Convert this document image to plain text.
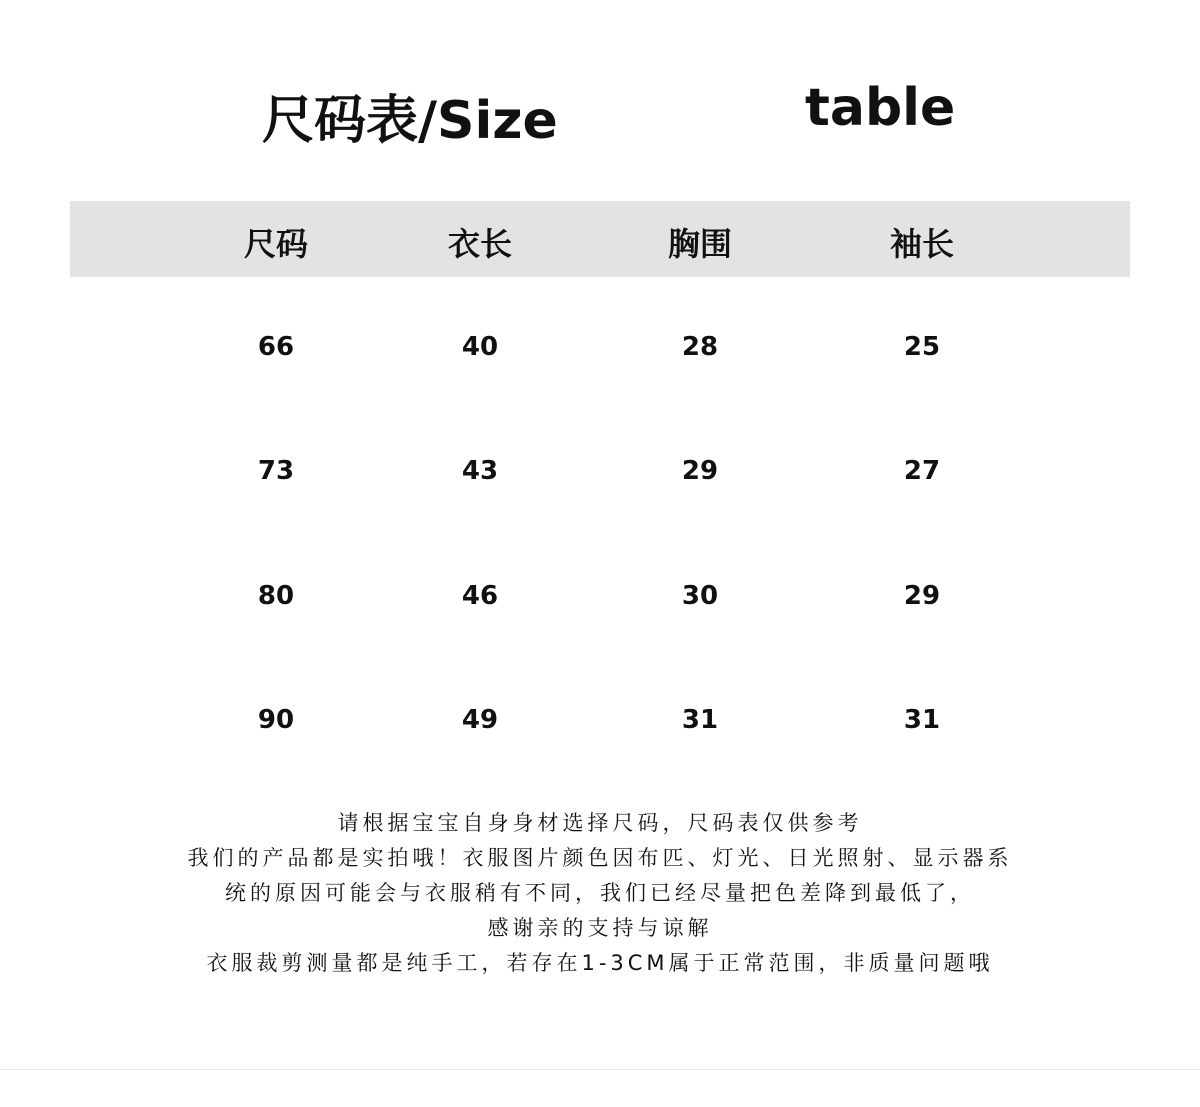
尺码表/Size	table
尺码	衣长	胸围	袖长
66	40	28	25
73	43	29	27
80	46	30	29
90	49	31	31
请根据宝宝自身身材选择尺码，尺码表仅供参考
我们的产品都是实拍哦！衣服图片颜色因布匹、灯光、日光照射、显示器系
统的原因可能会与衣服稍有不同，我们已经尽量把色差降到最低了，
感谢亲的支持与谅解
衣服裁剪测量都是纯手工，若存在1-3CM属于正常范围，非质量问题哦
